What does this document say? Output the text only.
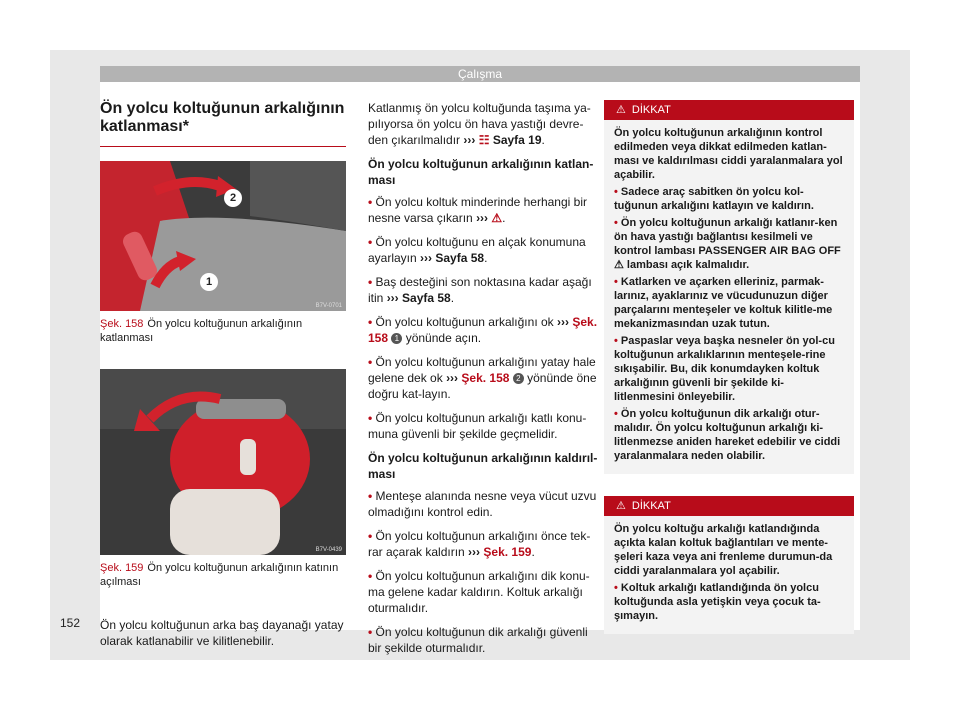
Çalışma
Ön yolcu koltuğunun arkalığının katlanması*
2
1
B7V-0701
Şek. 158 Ön yolcu koltuğunun arkalığının katlanması
B7V-0439
Şek. 159 Ön yolcu koltuğunun arkalığının katının açılması
Ön yolcu koltuğunun arka baş dayanağı yatay olarak katlanabilir ve kilitlenebilir.

Katlanmış ön yolcu koltuğunda taşıma ya-pılıyorsa ön yolcu ön hava yastığı devre-den çıkarılmalıdır ››› ☷ Sayfa 19.

Ön yolcu koltuğunun arkalığının katlan-ması

• Ön yolcu koltuk minderinde herhangi bir nesne varsa çıkarın ››› ⚠.

• Ön yolcu koltuğunu en alçak konumuna ayarlayın ››› Sayfa 58.

• Baş desteğini son noktasına kadar aşağı itin ››› Sayfa 58.

• Ön yolcu koltuğunun arkalığını ok ››› Şek. 158 1 yönünde açın.

• Ön yolcu koltuğunun arkalığını yatay hale gelene dek ok ››› Şek. 158 2 yönünde öne doğru kat-layın.

• Ön yolcu koltuğunun arkalığı katlı konu-muna güvenli bir şekilde geçmelidir.

Ön yolcu koltuğunun arkalığının kaldırıl-ması

• Menteşe alanında nesne veya vücut uzvu olmadığını kontrol edin.

• Ön yolcu koltuğunun arkalığını önce tek-rar açarak kaldırın ››› Şek. 159.

• Ön yolcu koltuğunun arkalığını dik konu-ma gelene kadar kaldırın. Koltuk arkalığı oturmalıdır.

• Ön yolcu koltuğunun dik arkalığı güvenli bir şekilde oturmalıdır.

⚠ DİKKAT

Ön yolcu koltuğunun arkalığının kontrol edilmeden veya dikkat edilmeden katlan-ması ve kaldırılması ciddi yaralanmalara yol açabilir.

• Sadece araç sabitken ön yolcu kol-tuğunun arkalığını katlayın ve kaldırın.

• Ön yolcu koltuğunun arkalığı katlanır-ken ön hava yastığı bağlantısı kesilmeli ve kontrol lambası PASSENGER AIR BAG OFF ⚠ lambası açık kalmalıdır.

• Katlarken ve açarken elleriniz, parmak-larınız, ayaklarınız ve vücudunuzun diğer parçalarını menteşeler ve koltuk kilitle-me mekanizmasından uzak tutun.

• Paspaslar veya başka nesneler ön yol-cu koltuğunun arkalıklarının menteşele-rine sıkışabilir. Bu, dik konumdayken koltuk arkalığının güvenli bir şekilde ki-litlenmesini önleyebilir.

• Ön yolcu koltuğunun dik arkalığı otur-malıdır. Ön yolcu koltuğunun arkalığı ki-litlenmezse aniden hareket edebilir ve ciddi yaralanmalara neden olabilir.

⚠ DİKKAT

Ön yolcu koltuğu arkalığı katlandığında açıkta kalan koltuk bağlantıları ve mente-şeleri kaza veya ani frenleme durumun-da ciddi yaralanmalara yol açabilir.

• Koltuk arkalığı katlandığında ön yolcu koltuğunda asla yetişkin veya çocuk ta-şımayın.

152
